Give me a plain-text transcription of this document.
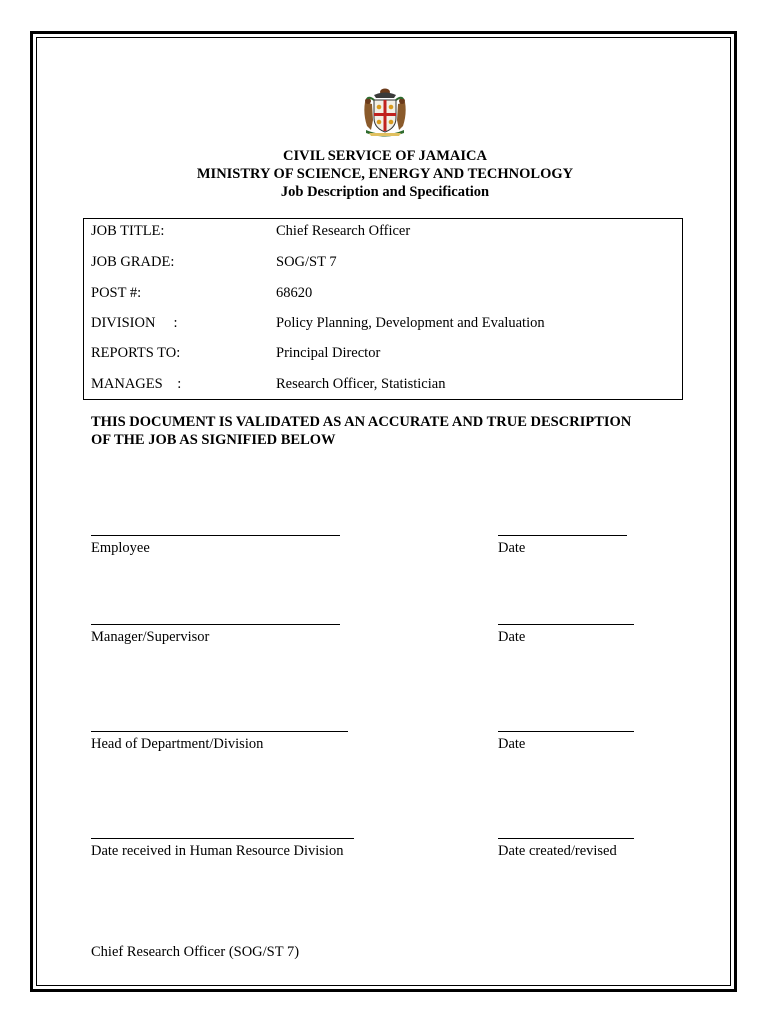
CIVIL SERVICE OF JAMAICA
MINISTRY OF SCIENCE, ENERGY AND TECHNOLOGY
Job Description and Specification
JOB TITLE:	Chief Research Officer
JOB GRADE:	SOG/ST 7
POST #:	68620
DIVISION     :	Policy Planning, Development and Evaluation
REPORTS TO:	Principal Director
MANAGES    :	Research Officer, Statistician
THIS DOCUMENT IS VALIDATED AS AN ACCURATE AND TRUE DESCRIPTION
OF THE JOB AS SIGNIFIED BELOW
Employee	Date
Manager/Supervisor	Date
Head of Department/Division	Date
Date received in Human Resource Division	Date created/revised
Chief Research Officer (SOG/ST 7)
